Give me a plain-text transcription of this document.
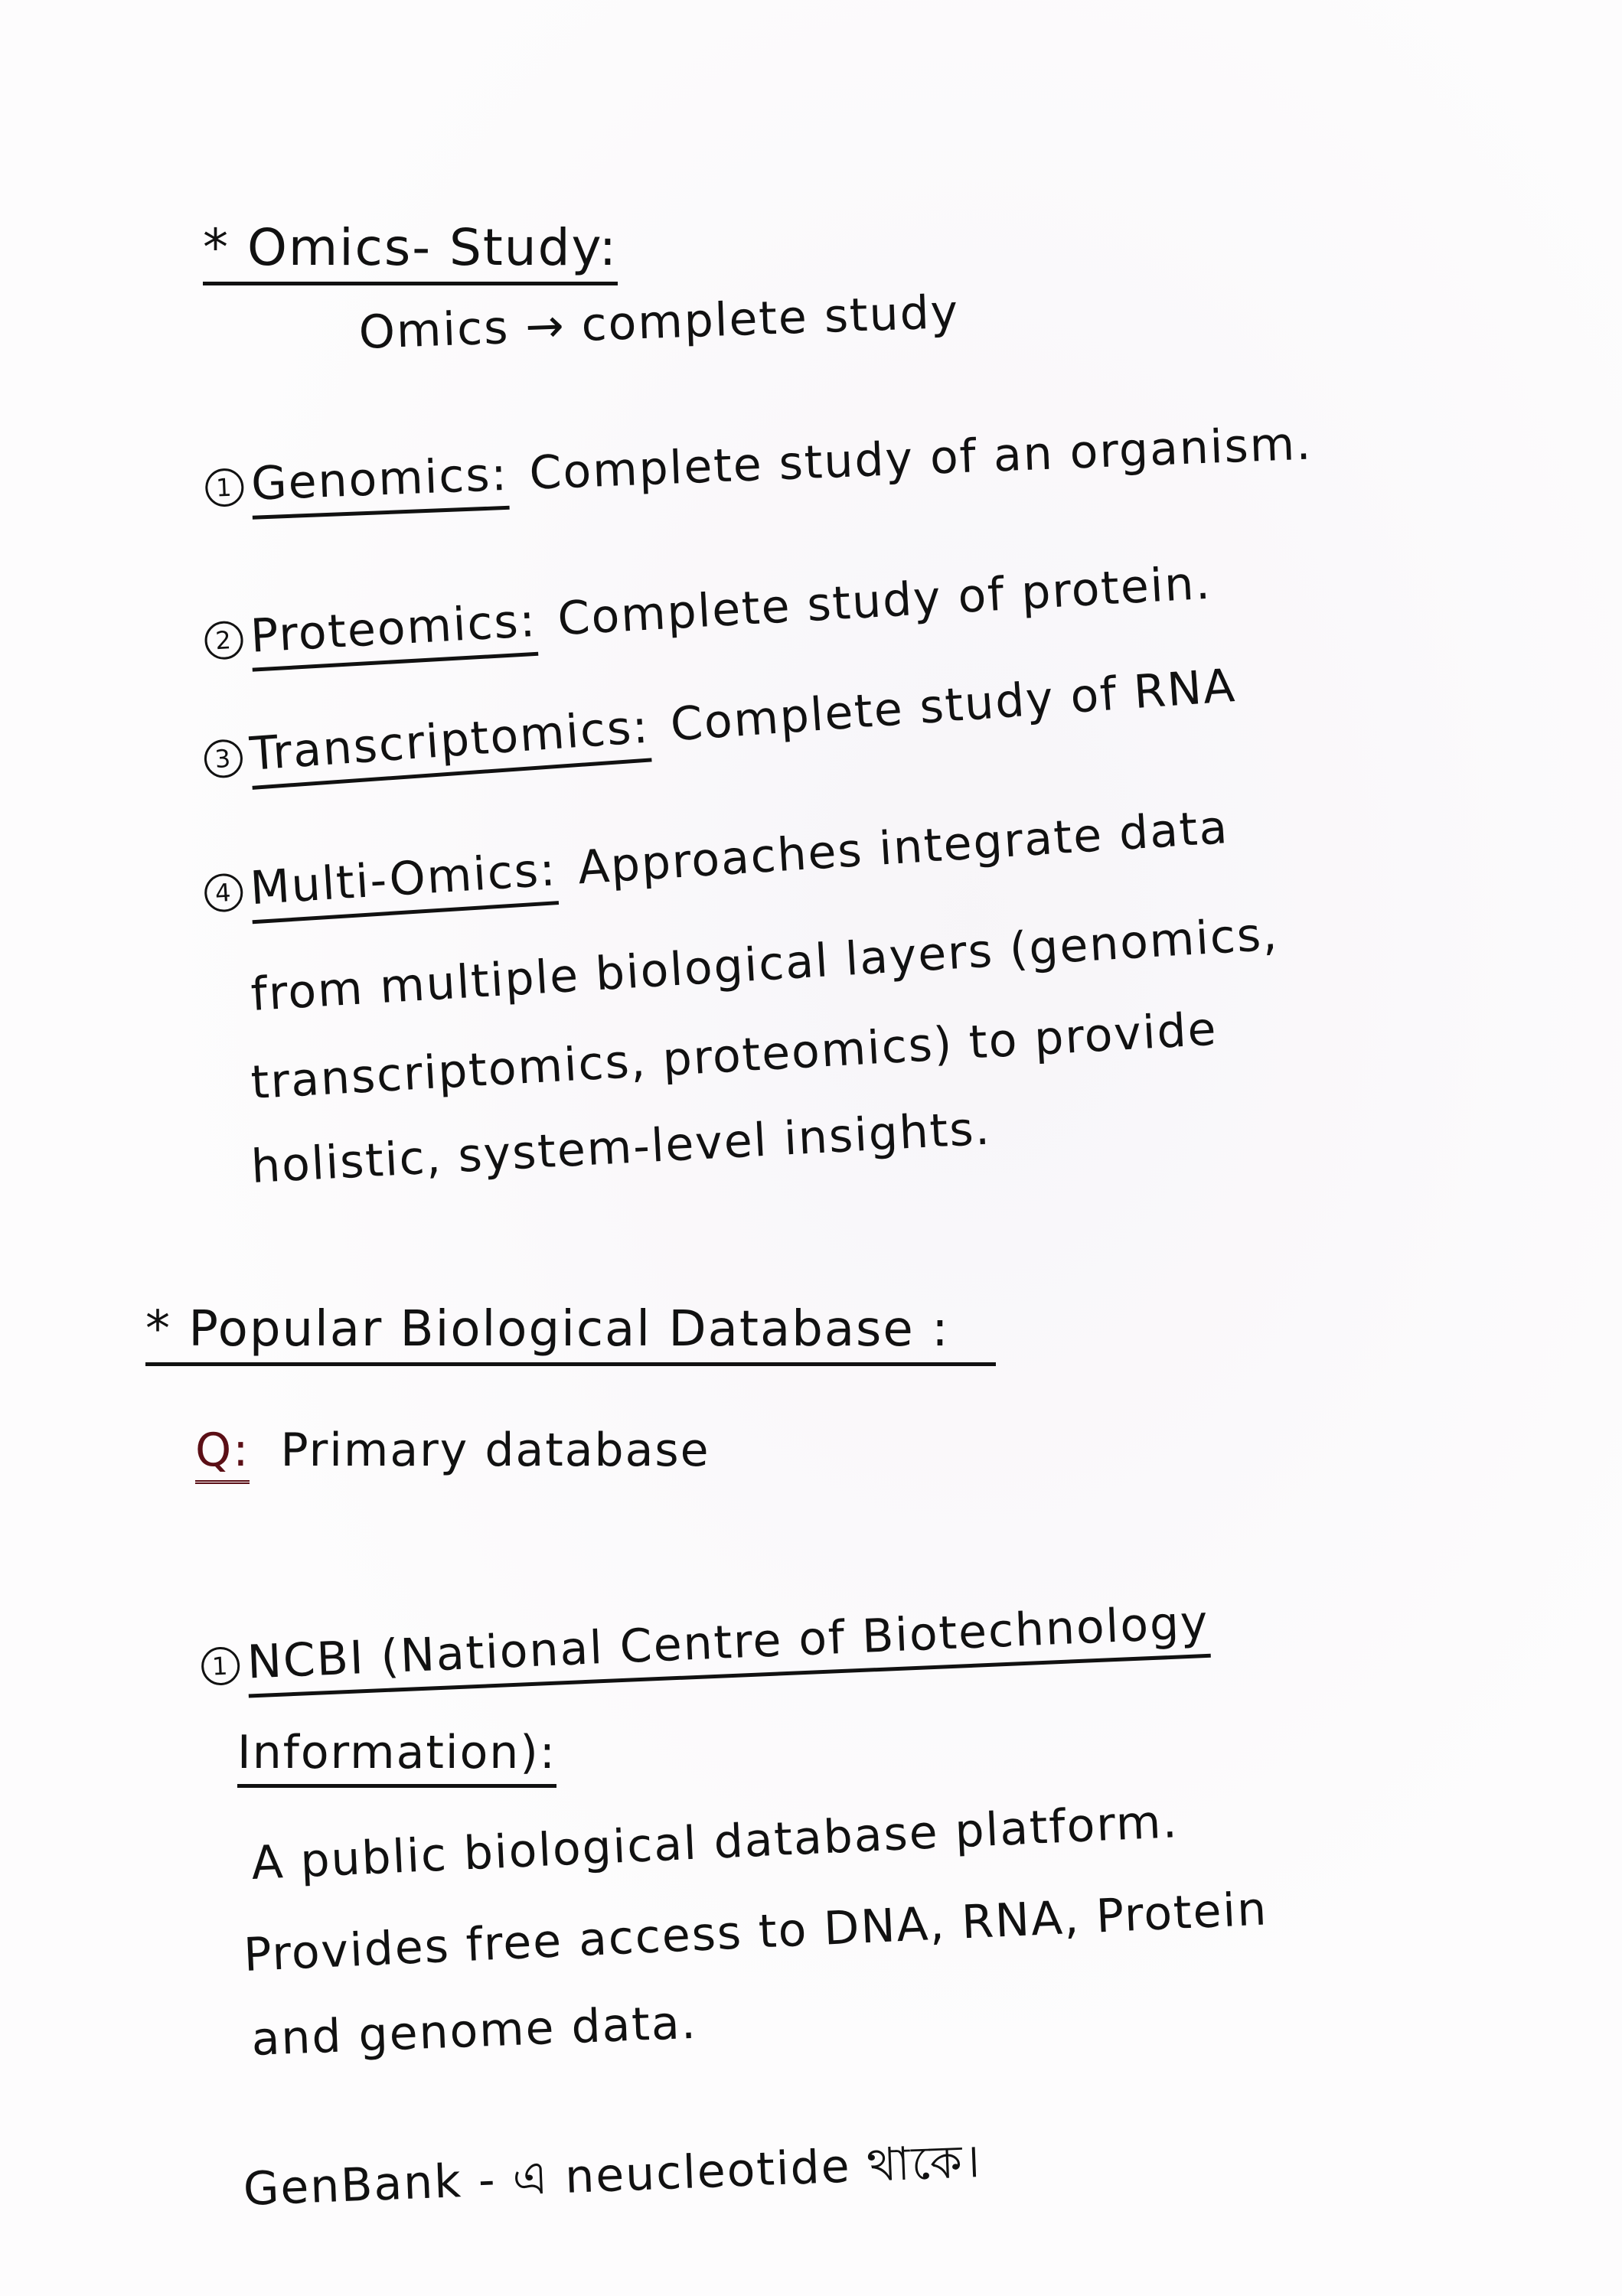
* Omics- Study:
Omics → complete study
1 Genomics: Complete study of an organism.
2 Proteomics: Complete study of protein.
3 Transcriptomics: Complete study of RNA
4 Multi-Omics: Approaches integrate data
from multiple biological layers (genomics,
transcriptomics, proteomics) to provide
holistic, system-level insights.
* Popular Biological Database :
Q: Primary database
1 NCBI (National Centre of Biotechnology
Information):
A public biological database platform.
Provides free access to DNA, RNA, Protein
and genome data.
GenBank - এ neucleotide থাকে।
